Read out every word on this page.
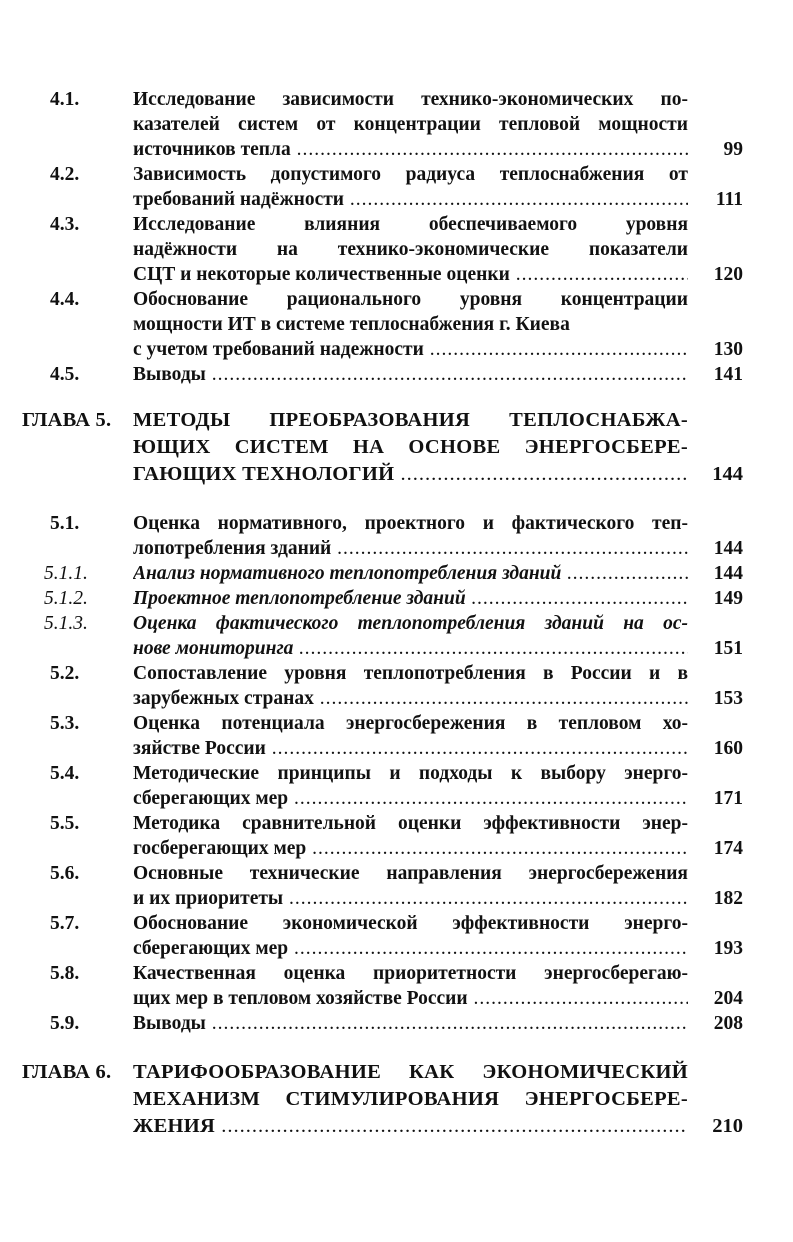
4.1.	Исследование зависимости технико-экономических по-
казателей систем от концентрации тепловой мощности
источников тепла .....	99
4.2.	Зависимость допустимого радиуса теплоснабжения от
требований надёжности .....	111
4.3.	Исследование влияния обеспечиваемого уровня
надёжности на технико-экономические показатели
СЦТ и некоторые количественные оценки .....	120
4.4.	Обоснование рационального уровня концентрации
мощности ИТ в системе теплоснабжения г. Киева
с учетом требований надежности .....	130
4.5.	Выводы .....	141
ГЛАВА 5. МЕТОДЫ ПРЕОБРАЗОВАНИЯ ТЕПЛОСНАБЖА-
ЮЩИХ СИСТЕМ НА ОСНОВЕ ЭНЕРГОСБЕРЕ-
ГАЮЩИХ ТЕХНОЛОГИЙ .....	144
5.1.	Оценка нормативного, проектного и фактического теп-
лопотребления зданий .....	144
5.1.1. Анализ нормативного теплопотребления зданий .....	144
5.1.2. Проектное теплопотребление зданий .....	149
5.1.3. Оценка фактического теплопотребления зданий на ос-
нове мониторинга .....	151
5.2.	Сопоставление уровня теплопотребления в России и в
зарубежных странах .....	153
5.3.	Оценка потенциала энергосбережения в тепловом хо-
зяйстве России .....	160
5.4.	Методические принципы и подходы к выбору энерго-
сберегающих мер .....	171
5.5.	Методика сравнительной оценки эффективности энер-
госберегающих мер .....	174
5.6.	Основные технические направления энергосбережения
и их приоритеты .....	182
5.7.	Обоснование экономической эффективности энерго-
сберегающих мер .....	193
5.8.	Качественная оценка приоритетности энергосберегаю-
щих мер в тепловом хозяйстве России .....	204
5.9.	Выводы .....	208
ГЛАВА 6. ТАРИФООБРАЗОВАНИЕ КАК ЭКОНОМИЧЕСКИЙ
МЕХАНИЗМ СТИМУЛИРОВАНИЯ ЭНЕРГОСБЕРЕ-
ЖЕНИЯ .....	210
